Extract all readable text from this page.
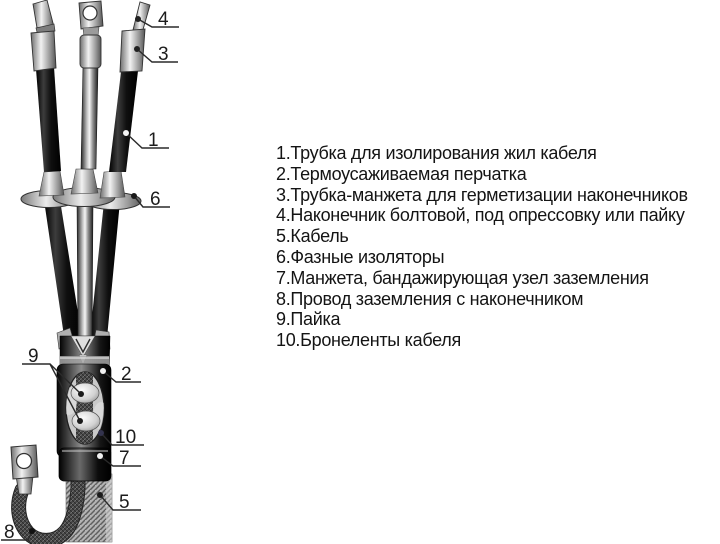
4
3
1
6
9
2
10
7
5
8
1.Трубка для изолирования жил кабеля
2.Термоусаживаемая перчатка
3.Трубка-манжета для герметизации наконечников
4.Наконечник болтовой, под опрессовку или пайку
5.Кабель
6.Фазные изоляторы
7.Манжета, бандажирующая узел заземления
8.Провод заземления с наконечником
9.Пайка
10.Бронеленты кабеля
